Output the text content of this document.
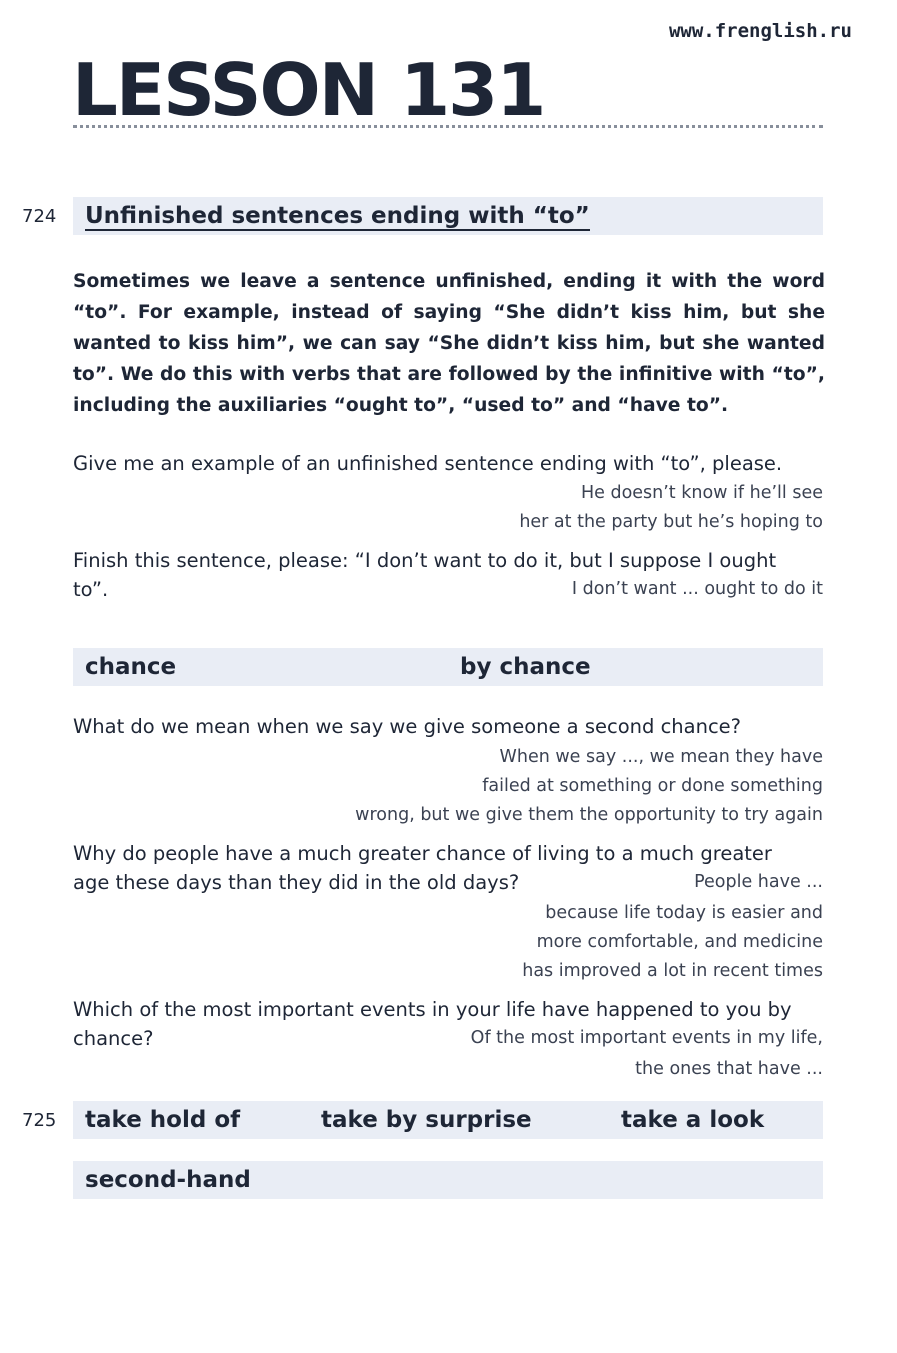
www.frenglish.ru
LESSON 131
724 Unfinished sentences ending with “to”

Sometimes we leave a sentence unfinished, ending it with the word “to”. For example, instead of saying “She didn’t kiss him, but she wanted to kiss him”, we can say “She didn’t kiss him, but she wanted to”. We do this with verbs that are followed by the infinitive with “to”, including the auxiliaries “ought to”, “used to” and “have to”.

Give me an example of an unfinished sentence ending with “to”, please.
He doesn’t know if he’ll see
her at the party but he’s hoping to
Finish this sentence, please: “I don’t want to do it, but I suppose I ought
to”.	I don’t want ... ought to do it
chance	by chance
What do we mean when we say we give someone a second chance?
When we say ..., we mean they have
failed at something or done something
wrong, but we give them the opportunity to try again
Why do people have a much greater chance of living to a much greater
age these days than they did in the old days?	People have ...
because life today is easier and
more comfortable, and medicine
has improved a lot in recent times
Which of the most important events in your life have happened to you by
chance?	Of the most important events in my life,
the ones that have ...
725 take hold of	take by surprise	take a look
second-hand
